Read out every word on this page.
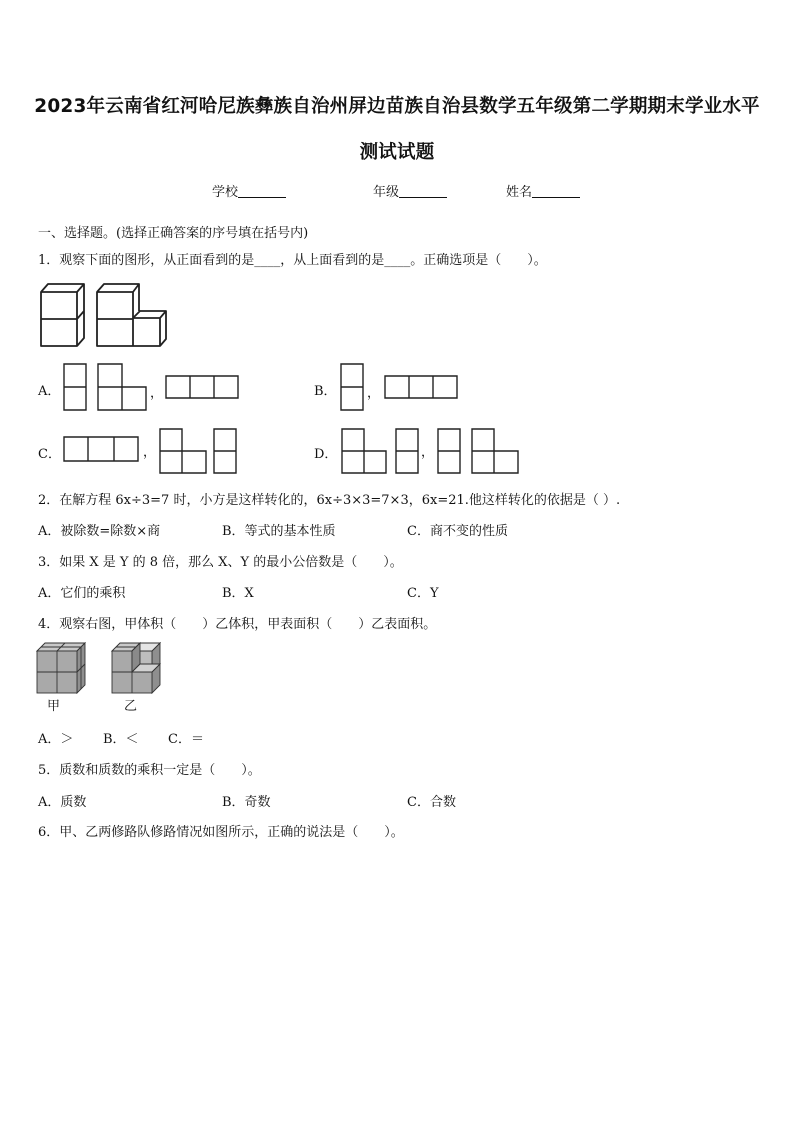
2023年云南省红河哈尼族彝族自治州屏边苗族自治县数学五年级第二学期期末学业水平测试试题
学校	年级	姓名
一、选择题。(选择正确答案的序号填在括号内)
1．观察下面的图形，从正面看到的是____，从上面看到的是____。正确选项是（　　）。
A．	，	B． ，
C．	，	D．	，
2．在解方程 6x÷3=7 时，小方是这样转化的，6x÷3×3=7×3，6x=21.他这样转化的依据是（ ）.
A．被除数=除数×商	B．等式的基本性质	C．商不变的性质
3．如果 X 是 Y 的 8 倍，那么 X、Y 的最小公倍数是（　　）。
A．它们的乘积	B．X	C．Y
4．观察右图，甲体积（　　）乙体积，甲表面积（　　）乙表面积。
甲	乙
A．＞ B．＜ C．＝
5．质数和质数的乘积一定是（　　）。
A．质数	B．奇数	C．合数
6．甲、乙两修路队修路情况如图所示，正确的说法是（　　）。
